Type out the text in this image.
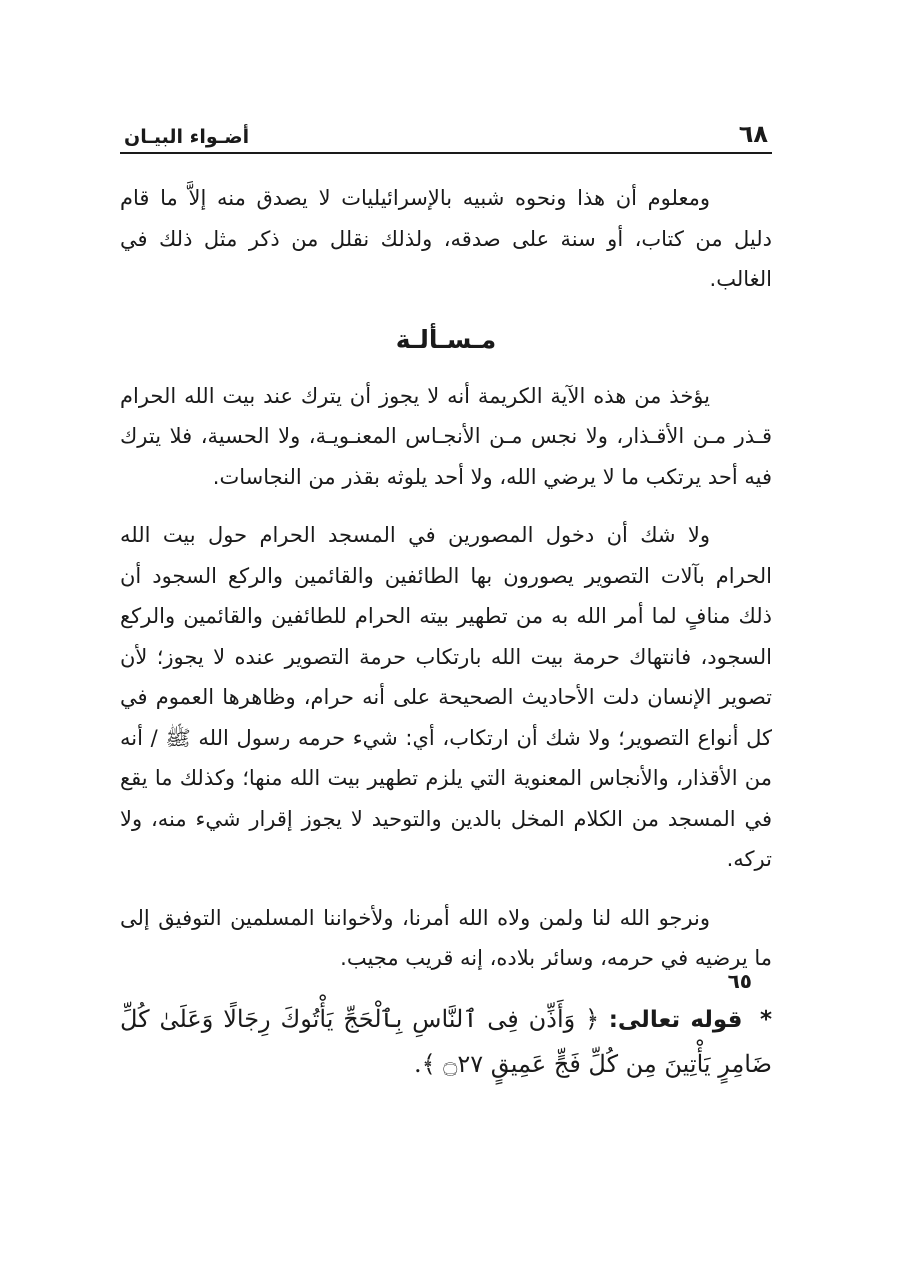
٦٨
أضـواء البيـان

ومعلوم أن هذا ونحوه شبيه بالإسرائيليات لا يصدق منه إلاَّ ما قام دليل من كتاب، أو سنة على صدقه، ولذلك نقلل من ذكر مثل ذلك في الغالب.

مـسـألـة

يؤخذ من هذه الآية الكريمة أنه لا يجوز أن يترك عند بيت الله الحرام قـذر مـن الأقـذار، ولا نجس مـن الأنجـاس المعنـويـة، ولا الحسية، فلا يترك فيه أحد يرتكب ما لا يرضي الله، ولا أحد يلوثه بقذر من النجاسات.

٦٥
ولا شك أن دخول المصورين في المسجد الحرام حول بيت الله الحرام بآلات التصوير يصورون بها الطائفين والقائمين والركع السجود أن ذلك منافٍ لما أمر الله به من تطهير بيته الحرام للطائفين والقائمين والركع السجود، فانتهاك حرمة بيت الله بارتكاب حرمة التصوير عنده لا يجوز؛ لأن تصوير الإنسان دلت الأحاديث الصحيحة على أنه حرام، وظاهرها العموم في كل أنواع التصوير؛ ولا شك أن ارتكاب، أي: شيء حرمه رسول الله ﷺ / أنه من الأقذار، والأنجاس المعنوية التي يلزم تطهير بيت الله منها؛ وكذلك ما يقع في المسجد من الكلام المخل بالدين والتوحيد لا يجوز إقرار شيء منه، ولا تركه.

ونرجو الله لنا ولمن ولاه الله أمرنا، ولأخواننا المسلمين التوفيق إلى ما يرضيه في حرمه، وسائر بلاده، إنه قريب مجيب.

* قوله تعالى: ﴿ وَأَذِّن فِى ٱلنَّاسِ بِٱلْحَجِّ يَأْتُوكَ رِجَالًا وَعَلَىٰ كُلِّ ضَامِرٍ يَأْتِينَ مِن كُلِّ فَجٍّ عَمِيقٍ ۝٢٧ ﴾.
